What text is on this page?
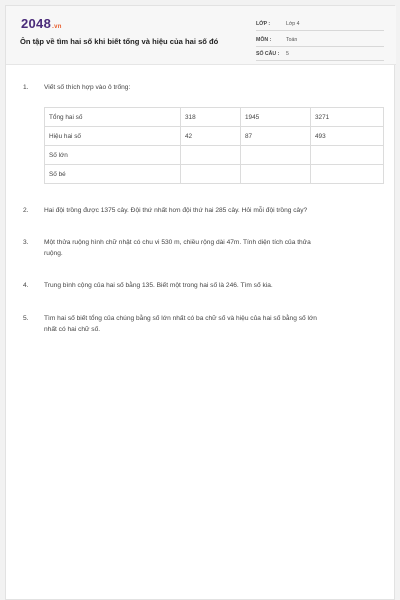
2048.vn
Ôn tập về tìm hai số khi biết tổng và hiệu của hai số đó
LỚP :	Lớp 4
MÔN :	Toán
SỐ CÂU : 5
1. Viết số thích hợp vào ô trống:
Tổng hai số	318	1945	3271
Hiệu hai số	42	87	493
Số lớn			
Số bé			
2. Hai đội trồng được 1375 cây. Đội thứ nhất hơn đội thứ hai 285 cây. Hỏi mỗi đội trồng cây?
3. Một thửa ruộng hình chữ nhật có chu vi 530 m, chiều rộng dài 47m. Tính diện tích của thửa
ruộng.
4. Trung bình cộng của hai số bằng 135. Biết một trong hai số là 246. Tìm số kia.
5. Tìm hai số biết tổng của chúng bằng số lớn nhất có ba chữ số và hiệu của hai số bằng số lớn
nhất có hai chữ số.
